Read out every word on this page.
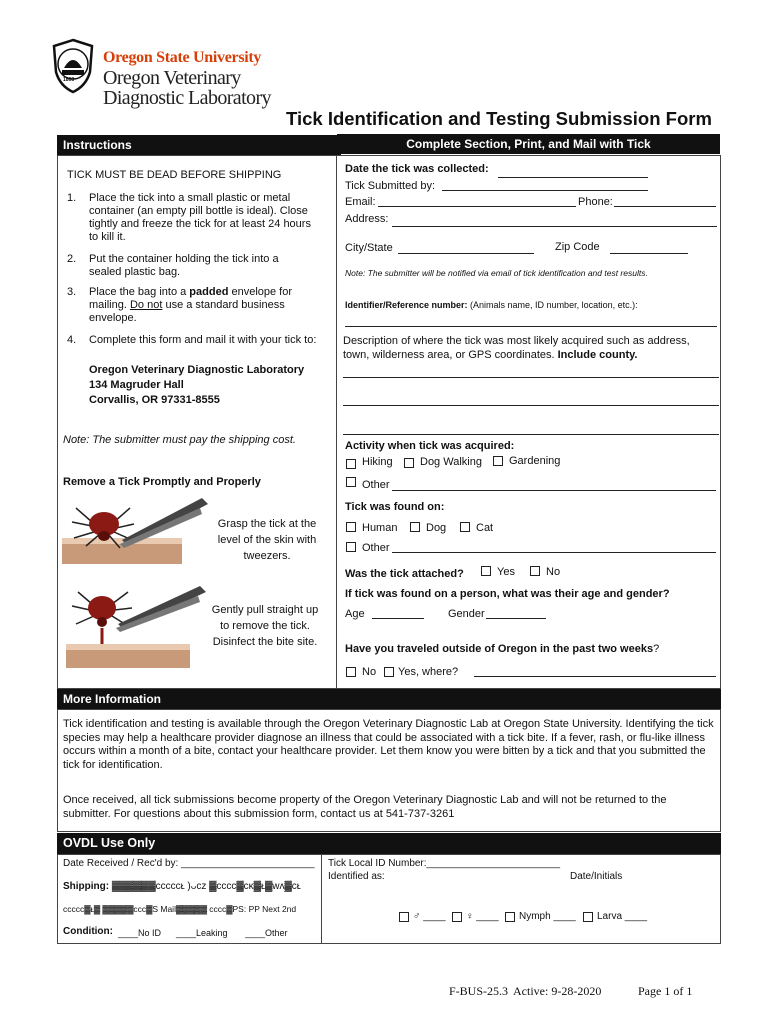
1868
Oregon State University
Oregon Veterinary
Diagnostic Laboratory
Tick Identification and Testing Submission Form
Instructions	Complete Section, Print, and Mail with Tick
TICK MUST BE DEAD BEFORE SHIPPING
1. Place the tick into a small plastic or metal container (an empty pill bottle is ideal). Close tightly and freeze the tick for at least 24 hours to kill it.
2. Put the container holding the tick into a sealed plastic bag.
3. Place the bag into a padded envelope for mailing. Do not use a standard business envelope.
4. Complete this form and mail it with your tick to:
Oregon Veterinary Diagnostic Laboratory
134 Magruder Hall
Corvallis, OR 97331-8555
Note: The submitter must pay the shipping cost.
Remove a Tick Promptly and Properly
Grasp the tick at the level of the skin with tweezers.
Gently pull straight up to remove the tick. Disinfect the bite site.
Date the tick was collected:
Tick Submitted by:
Email:	Phone:
Address:
City/State	Zip Code
Note: The submitter will be notified via email of tick identification and test results.
Identifier/Reference number: (Animals name, ID number, location, etc.):
Description of where the tick was most likely acquired such as address, town, wilderness area, or GPS coordinates. Include county.
Activity when tick was acquired:
Hiking Dog Walking Gardening
Other
Tick was found on:
Human	Dog	Cat
Other
Was the tick attached?	Yes	No
If tick was found on a person, what was their age and gender?
Age	Gender
Have you traveled outside of Oregon in the past two weeks?
No Yes, where?
More Information
Tick identification and testing is available through the Oregon Veterinary Diagnostic Lab at Oregon State University. Identifying the tick species may help a healthcare provider diagnose an illness that could be associated with a tick bite. If a fever, rash, or flu-like illness occurs within a month of a bite, contact your healthcare provider. Let them know you were bitten by a tick and that you submitted the tick for identification.
Once received, all tick submissions become property of the Oregon Veterinary Diagnostic Lab and will not be returned to the submitter. For questions about this submission form, contact us at 541-737-3261
OVDL Use Only
Date Received / Rec'd by: ________________________
Shipping: ▓▓▓▓▓▓ᴄᴄᴄᴄᴄᴌ )ᴗᴄᴢ ▓ᴄᴄᴄᴄ▓ᴄᴋ▓ᴌ▓ᴡᴧ▓ᴄᴌ
ᴄᴄᴄᴄᴄ▓ᴌ▓ ▓▓▓▓▓ᴄᴄᴄ▓S Mail▓▓▓▓▓ ᴄᴄᴄᴄ▓PS: PP Next 2nd
Condition: ____No ID ____Leaking ____Other
Tick Local ID Number:________________________
Identified as:	Date/Initials
♂ ____ ♀ ____ Nymph ____ Larva ____
F-BUS-25.3 Active: 9-28-2020	Page 1 of 1
